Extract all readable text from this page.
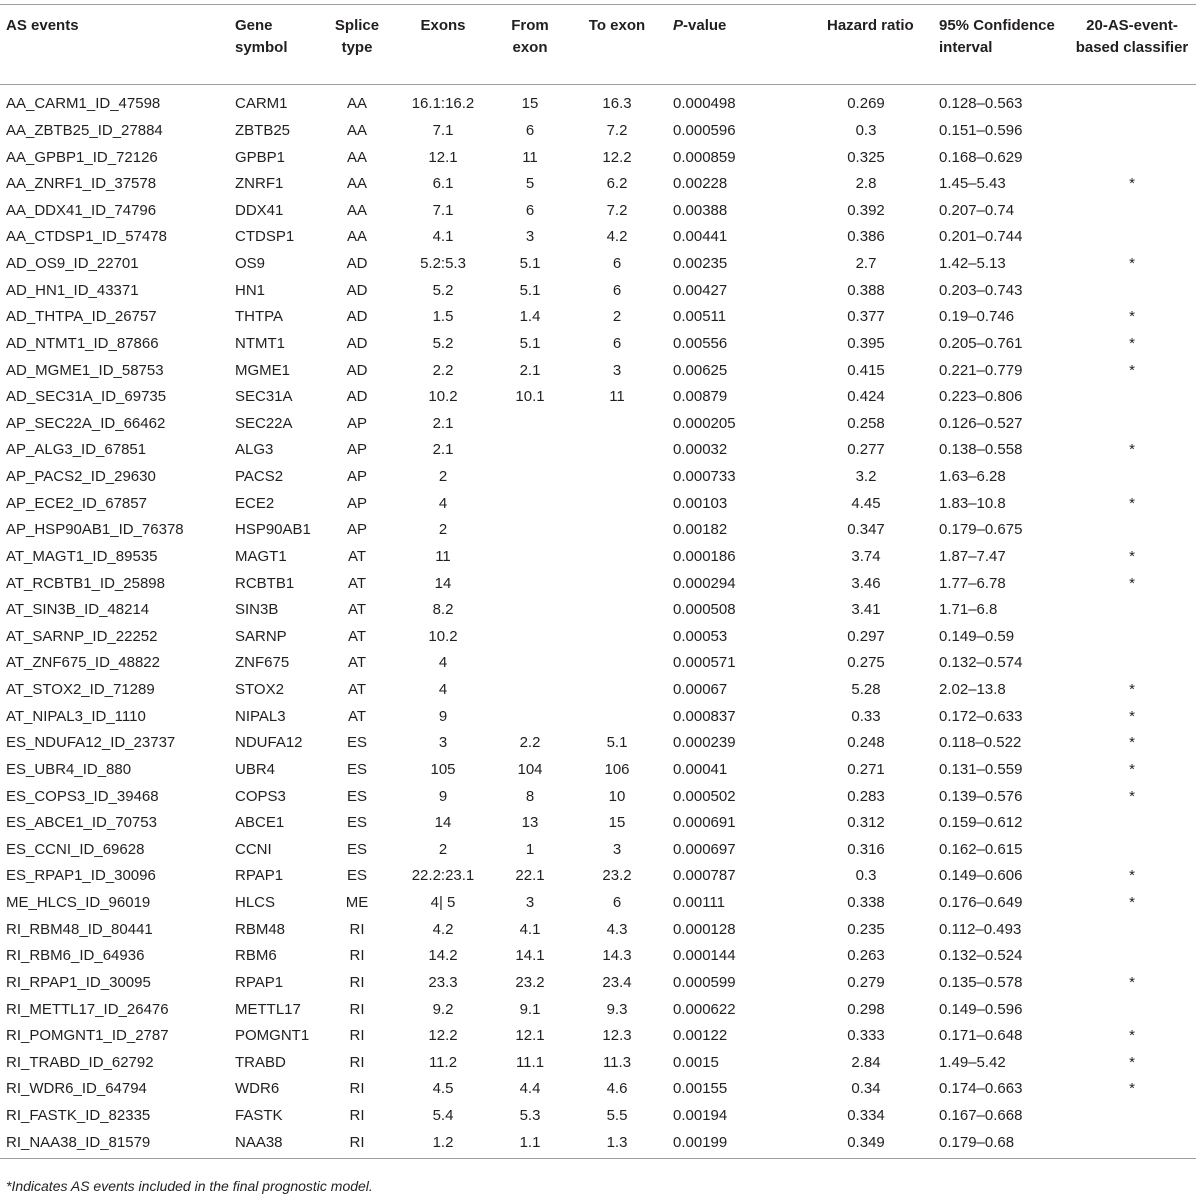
AS events	Gene symbol	Splice type	Exons	From exon	To exon	P-value	Hazard ratio	95% Confidence interval	20-AS-event-based classifier
AA_CARM1_ID_47598	CARM1	AA	16.1:16.2	15	16.3	0.000498	0.269	0.128–0.563	
AA_ZBTB25_ID_27884	ZBTB25	AA	7.1	6	7.2	0.000596	0.3	0.151–0.596	
AA_GPBP1_ID_72126	GPBP1	AA	12.1	11	12.2	0.000859	0.325	0.168–0.629	
AA_ZNRF1_ID_37578	ZNRF1	AA	6.1	5	6.2	0.00228	2.8	1.45–5.43	*
AA_DDX41_ID_74796	DDX41	AA	7.1	6	7.2	0.00388	0.392	0.207–0.74	
AA_CTDSP1_ID_57478	CTDSP1	AA	4.1	3	4.2	0.00441	0.386	0.201–0.744	
AD_OS9_ID_22701	OS9	AD	5.2:5.3	5.1	6	0.00235	2.7	1.42–5.13	*
AD_HN1_ID_43371	HN1	AD	5.2	5.1	6	0.00427	0.388	0.203–0.743	
AD_THTPA_ID_26757	THTPA	AD	1.5	1.4	2	0.00511	0.377	0.19–0.746	*
AD_NTMT1_ID_87866	NTMT1	AD	5.2	5.1	6	0.00556	0.395	0.205–0.761	*
AD_MGME1_ID_58753	MGME1	AD	2.2	2.1	3	0.00625	0.415	0.221–0.779	*
AD_SEC31A_ID_69735	SEC31A	AD	10.2	10.1	11	0.00879	0.424	0.223–0.806	
AP_SEC22A_ID_66462	SEC22A	AP	2.1			0.000205	0.258	0.126–0.527	
AP_ALG3_ID_67851	ALG3	AP	2.1			0.00032	0.277	0.138–0.558	*
AP_PACS2_ID_29630	PACS2	AP	2			0.000733	3.2	1.63–6.28	
AP_ECE2_ID_67857	ECE2	AP	4			0.00103	4.45	1.83–10.8	*
AP_HSP90AB1_ID_76378	HSP90AB1	AP	2			0.00182	0.347	0.179–0.675	
AT_MAGT1_ID_89535	MAGT1	AT	11			0.000186	3.74	1.87–7.47	*
AT_RCBTB1_ID_25898	RCBTB1	AT	14			0.000294	3.46	1.77–6.78	*
AT_SIN3B_ID_48214	SIN3B	AT	8.2			0.000508	3.41	1.71–6.8	
AT_SARNP_ID_22252	SARNP	AT	10.2			0.00053	0.297	0.149–0.59	
AT_ZNF675_ID_48822	ZNF675	AT	4			0.000571	0.275	0.132–0.574	
AT_STOX2_ID_71289	STOX2	AT	4			0.00067	5.28	2.02–13.8	*
AT_NIPAL3_ID_1110	NIPAL3	AT	9			0.000837	0.33	0.172–0.633	*
ES_NDUFA12_ID_23737	NDUFA12	ES	3	2.2	5.1	0.000239	0.248	0.118–0.522	*
ES_UBR4_ID_880	UBR4	ES	105	104	106	0.00041	0.271	0.131–0.559	*
ES_COPS3_ID_39468	COPS3	ES	9	8	10	0.000502	0.283	0.139–0.576	*
ES_ABCE1_ID_70753	ABCE1	ES	14	13	15	0.000691	0.312	0.159–0.612	
ES_CCNI_ID_69628	CCNI	ES	2	1	3	0.000697	0.316	0.162–0.615	
ES_RPAP1_ID_30096	RPAP1	ES	22.2:23.1	22.1	23.2	0.000787	0.3	0.149–0.606	*
ME_HLCS_ID_96019	HLCS	ME	4| 5	3	6	0.00111	0.338	0.176–0.649	*
RI_RBM48_ID_80441	RBM48	RI	4.2	4.1	4.3	0.000128	0.235	0.112–0.493	
RI_RBM6_ID_64936	RBM6	RI	14.2	14.1	14.3	0.000144	0.263	0.132–0.524	
RI_RPAP1_ID_30095	RPAP1	RI	23.3	23.2	23.4	0.000599	0.279	0.135–0.578	*
RI_METTL17_ID_26476	METTL17	RI	9.2	9.1	9.3	0.000622	0.298	0.149–0.596	
RI_POMGNT1_ID_2787	POMGNT1	RI	12.2	12.1	12.3	0.00122	0.333	0.171–0.648	*
RI_TRABD_ID_62792	TRABD	RI	11.2	11.1	11.3	0.0015	2.84	1.49–5.42	*
RI_WDR6_ID_64794	WDR6	RI	4.5	4.4	4.6	0.00155	0.34	0.174–0.663	*
RI_FASTK_ID_82335	FASTK	RI	5.4	5.3	5.5	0.00194	0.334	0.167–0.668	
RI_NAA38_ID_81579	NAA38	RI	1.2	1.1	1.3	0.00199	0.349	0.179–0.68	
*Indicates AS events included in the final prognostic model.
